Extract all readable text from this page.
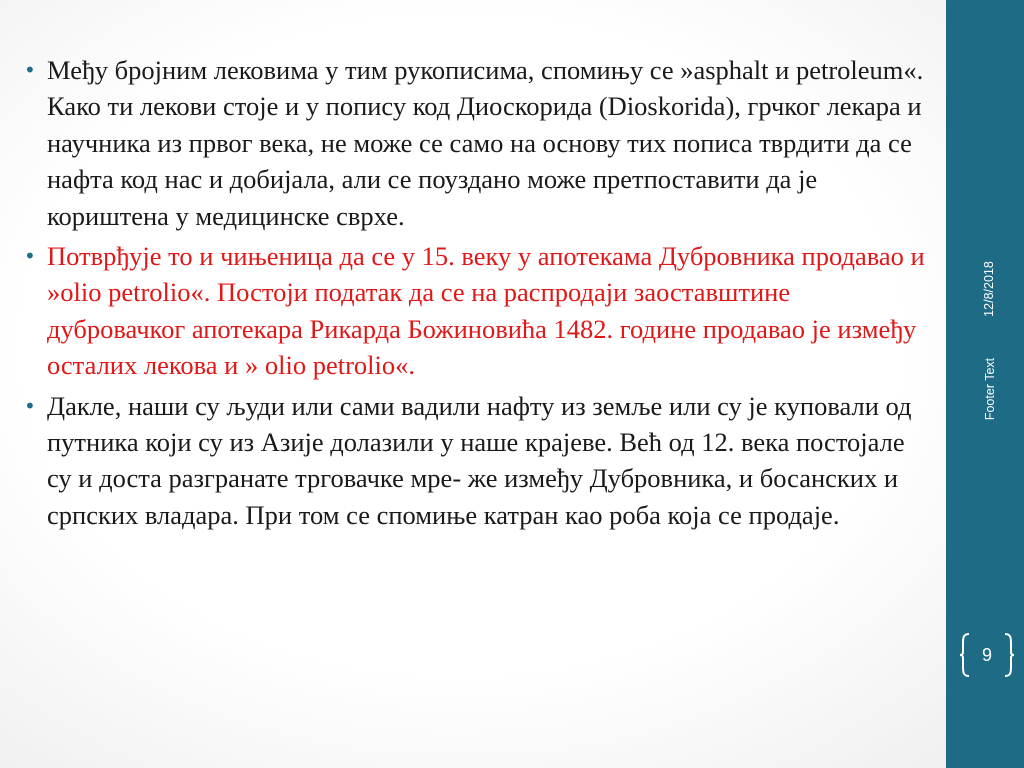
• Међу бројним лековима у тим рукописима, спомињу се »asphalt и petroleum«. Како ти лекови стоје и у попису код Диоскорида (Dioskorida), грчког лекара и научника из првог века, не може се само на основу тих пописа тврдити да се нафта код нас и добијала, али се поуздано може претпоставити да је кориштена у медицинске сврхе.
• Потврђује то и чињеница да се у 15. веку у апотекама Дубровника продавао и »olio petrolio«. Постоји податак да се на распродаји заоставштине дубровачког апотекара Рикарда Божиновића 1482. године продавао је између осталих лекова и » olio petrolio«.
• Дакле, наши су људи или сами вадили нафту из земље или су је куповали од путника који су из Азије долазили у наше крајеве. Већ од 12. века постојале су и доста разгранате трговачке мре- же између Дубровника, и босанских и српских владара. При том се спомиње катран као роба која се продаје.
12/8/2018
Footer Text
9
